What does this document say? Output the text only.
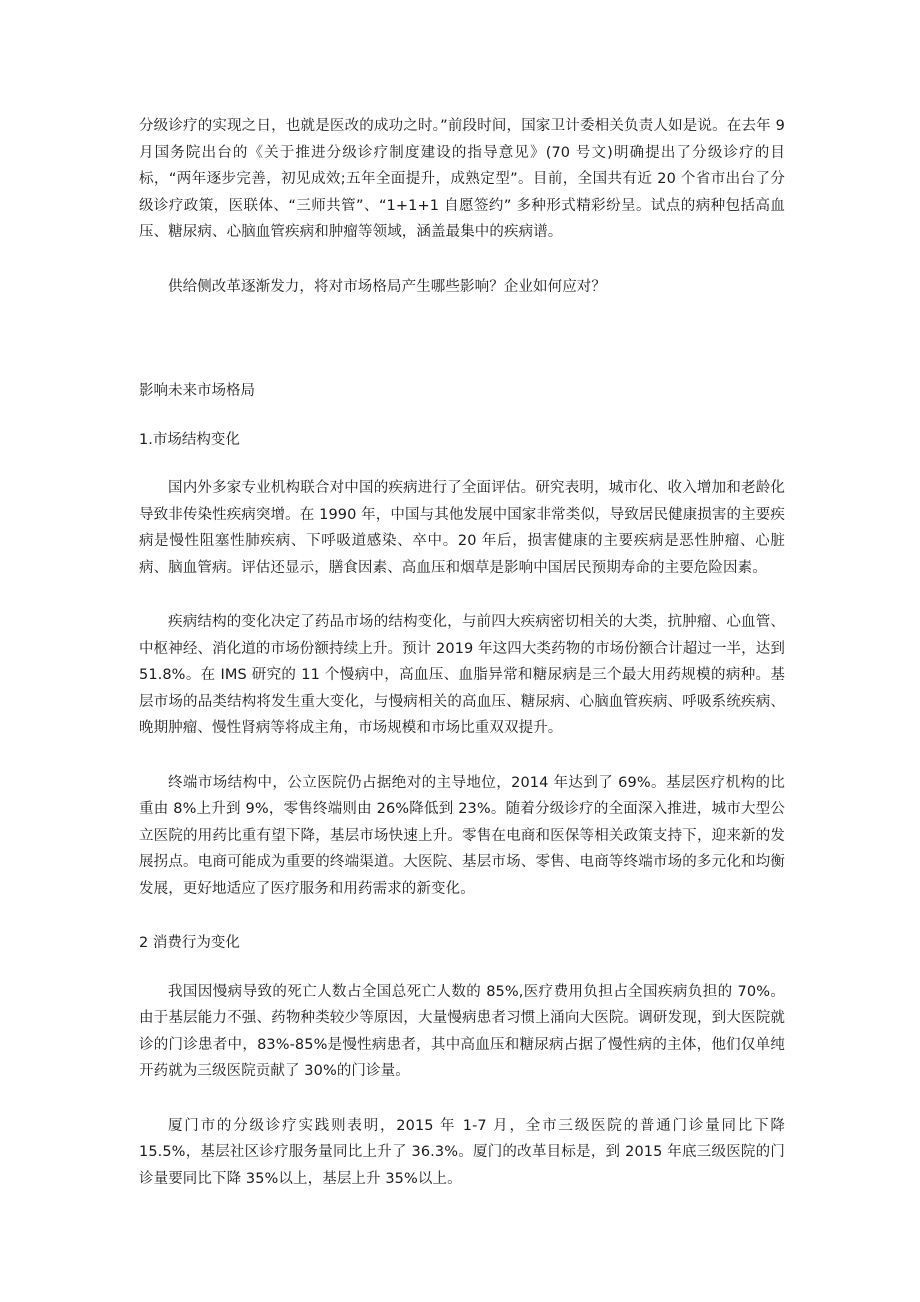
分级诊疗的实现之日，也就是医改的成功之时。”前段时间，国家卫计委相关负责人如是说。在去年 9 月国务院出台的《关于推进分级诊疗制度建设的指导意见》(70 号文)明确提出了分级诊疗的目标，“两年逐步完善，初见成效;五年全面提升，成熟定型”。目前，全国共有近 20 个省市出台了分级诊疗政策，医联体、“三师共管”、“1+1+1 自愿签约” 多种形式精彩纷呈。试点的病种包括高血压、糖尿病、心脑血管疾病和肿瘤等领域，涵盖最集中的疾病谱。

供给侧改革逐渐发力，将对市场格局产生哪些影响？企业如何应对？

影响未来市场格局

1.市场结构变化

国内外多家专业机构联合对中国的疾病进行了全面评估。研究表明，城市化、收入增加和老龄化导致非传染性疾病突增。在 1990 年，中国与其他发展中国家非常类似，导致居民健康损害的主要疾病是慢性阻塞性肺疾病、下呼吸道感染、卒中。20 年后，损害健康的主要疾病是恶性肿瘤、心脏病、脑血管病。评估还显示，膳食因素、高血压和烟草是影响中国居民预期寿命的主要危险因素。

疾病结构的变化决定了药品市场的结构变化，与前四大疾病密切相关的大类，抗肿瘤、心血管、中枢神经、消化道的市场份额持续上升。预计 2019 年这四大类药物的市场份额合计超过一半，达到 51.8%。在 IMS 研究的 11 个慢病中，高血压、血脂异常和糖尿病是三个最大用药规模的病种。基层市场的品类结构将发生重大变化，与慢病相关的高血压、糖尿病、心脑血管疾病、呼吸系统疾病、晚期肿瘤、慢性肾病等将成主角，市场规模和市场比重双双提升。

终端市场结构中，公立医院仍占据绝对的主导地位，2014 年达到了 69%。基层医疗机构的比重由 8%上升到 9%，零售终端则由 26%降低到 23%。随着分级诊疗的全面深入推进，城市大型公立医院的用药比重有望下降，基层市场快速上升。零售在电商和医保等相关政策支持下，迎来新的发展拐点。电商可能成为重要的终端渠道。大医院、基层市场、零售、电商等终端市场的多元化和均衡发展，更好地适应了医疗服务和用药需求的新变化。

2 消费行为变化

我国因慢病导致的死亡人数占全国总死亡人数的 85%,医疗费用负担占全国疾病负担的 70%。由于基层能力不强、药物种类较少等原因，大量慢病患者习惯上涌向大医院。调研发现，到大医院就诊的门诊患者中，83%-85%是慢性病患者，其中高血压和糖尿病占据了慢性病的主体，他们仅单纯开药就为三级医院贡献了 30%的门诊量。

厦门市的分级诊疗实践则表明，2015 年 1-7 月，全市三级医院的普通门诊量同比下降 15.5%，基层社区诊疗服务量同比上升了 36.3%。厦门的改革目标是，到 2015 年底三级医院的门诊量要同比下降 35%以上，基层上升 35%以上。
